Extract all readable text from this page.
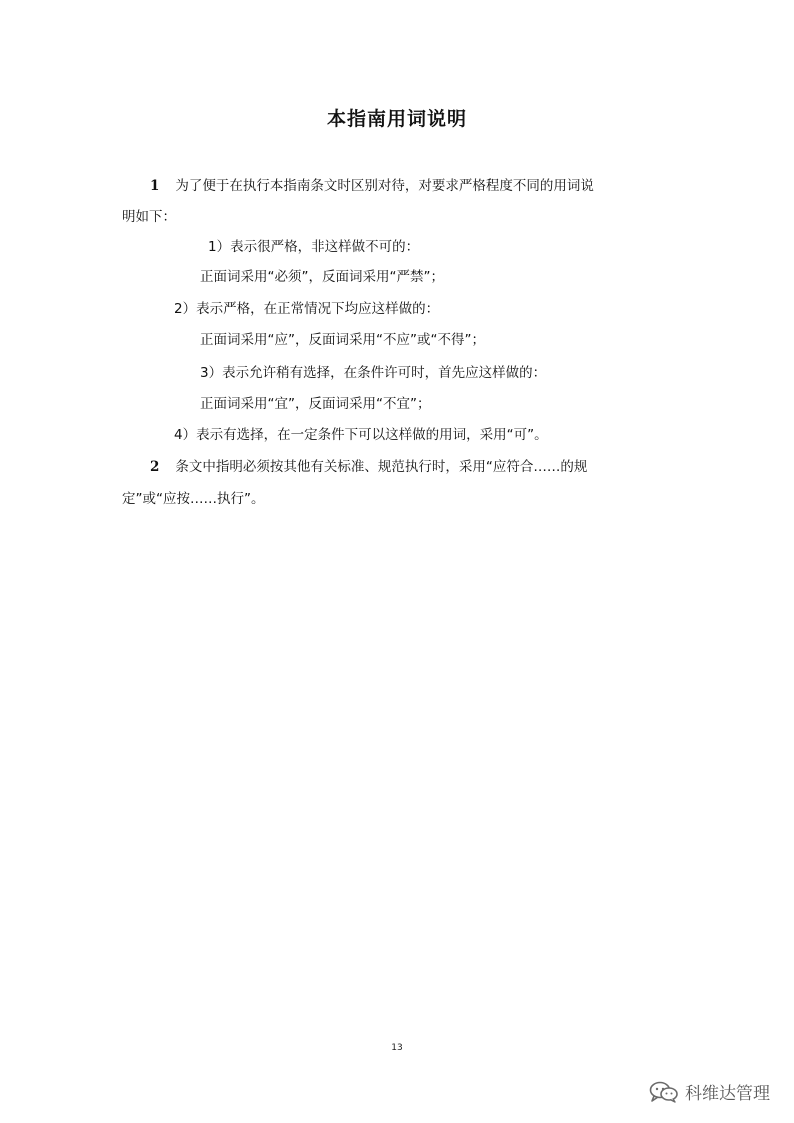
本指南用词说明
1 为了便于在执行本指南条文时区别对待，对要求严格程度不同的用词说
明如下：
1）表示很严格，非这样做不可的：
正面词采用“必须”，反面词采用“严禁”；
2）表示严格，在正常情况下均应这样做的：
正面词采用“应”，反面词采用“不应”或“不得”；
3）表示允许稍有选择，在条件许可时，首先应这样做的：
正面词采用“宜”，反面词采用“不宜”；
4）表示有选择，在一定条件下可以这样做的用词，采用“可”。
2 条文中指明必须按其他有关标准、规范执行时，采用“应符合……的规
定”或“应按……执行”。
13
科维达管理
